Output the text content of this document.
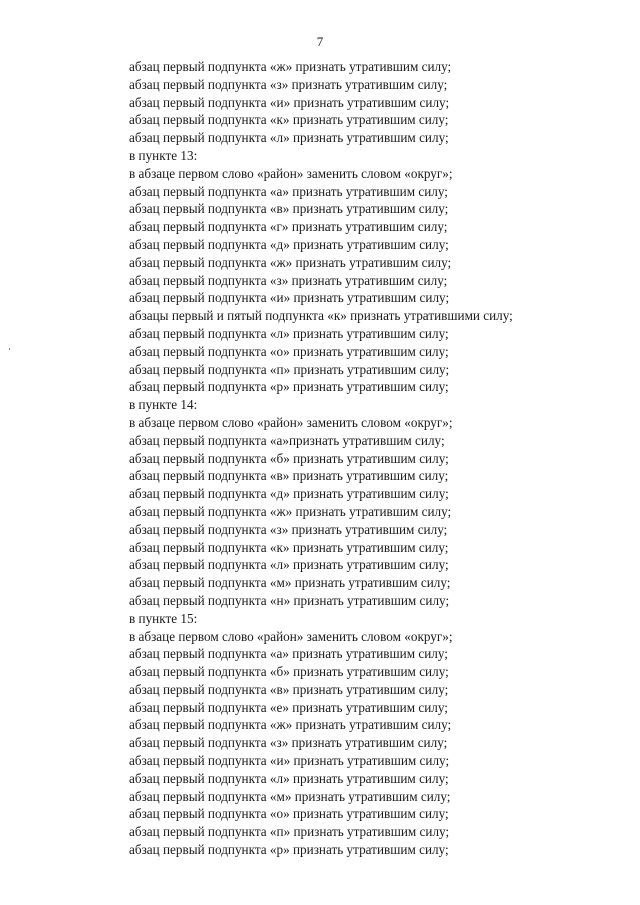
7
абзац первый подпункта «ж» признать утратившим силу;
абзац первый подпункта «з» признать утратившим силу;
абзац первый подпункта «и» признать утратившим силу;
абзац первый подпункта «к» признать утратившим силу;
абзац первый подпункта «л» признать утратившим силу;
в пункте 13:
в абзаце первом слово «район» заменить словом «округ»;
абзац первый подпункта «а» признать утратившим силу;
абзац первый подпункта «в» признать утратившим силу;
абзац первый подпункта «г» признать утратившим силу;
абзац первый подпункта «д» признать утратившим силу;
абзац первый подпункта «ж» признать утратившим силу;
абзац первый подпункта «з» признать утратившим силу;
абзац первый подпункта «и» признать утратившим силу;
абзацы первый и пятый подпункта «к» признать утратившими силу;
абзац первый подпункта «л» признать утратившим силу;
абзац первый подпункта «о» признать утратившим силу;
абзац первый подпункта «п» признать утратившим силу;
абзац первый подпункта «р» признать утратившим силу;
в пункте 14:
в абзаце первом слово «район» заменить словом «округ»;
абзац первый подпункта «а»признать утратившим силу;
абзац первый подпункта «б» признать утратившим силу;
абзац первый подпункта «в» признать утратившим силу;
абзац первый подпункта «д» признать утратившим силу;
абзац первый подпункта «ж» признать утратившим силу;
абзац первый подпункта «з» признать утратившим силу;
абзац первый подпункта «к» признать утратившим силу;
абзац первый подпункта «л» признать утратившим силу;
абзац первый подпункта «м» признать утратившим силу;
абзац первый подпункта «н» признать утратившим силу;
в пункте 15:
в абзаце первом слово «район» заменить словом «округ»;
абзац первый подпункта «а» признать утратившим силу;
абзац первый подпункта «б» признать утратившим силу;
абзац первый подпункта «в» признать утратившим силу;
абзац первый подпункта «е» признать утратившим силу;
абзац первый подпункта «ж» признать утратившим силу;
абзац первый подпункта «з» признать утратившим силу;
абзац первый подпункта «и» признать утратившим силу;
абзац первый подпункта «л» признать утратившим силу;
абзац первый подпункта «м» признать утратившим силу;
абзац первый подпункта «о» признать утратившим силу;
абзац первый подпункта «п» признать утратившим силу;
абзац первый подпункта «р» признать утратившим силу;
